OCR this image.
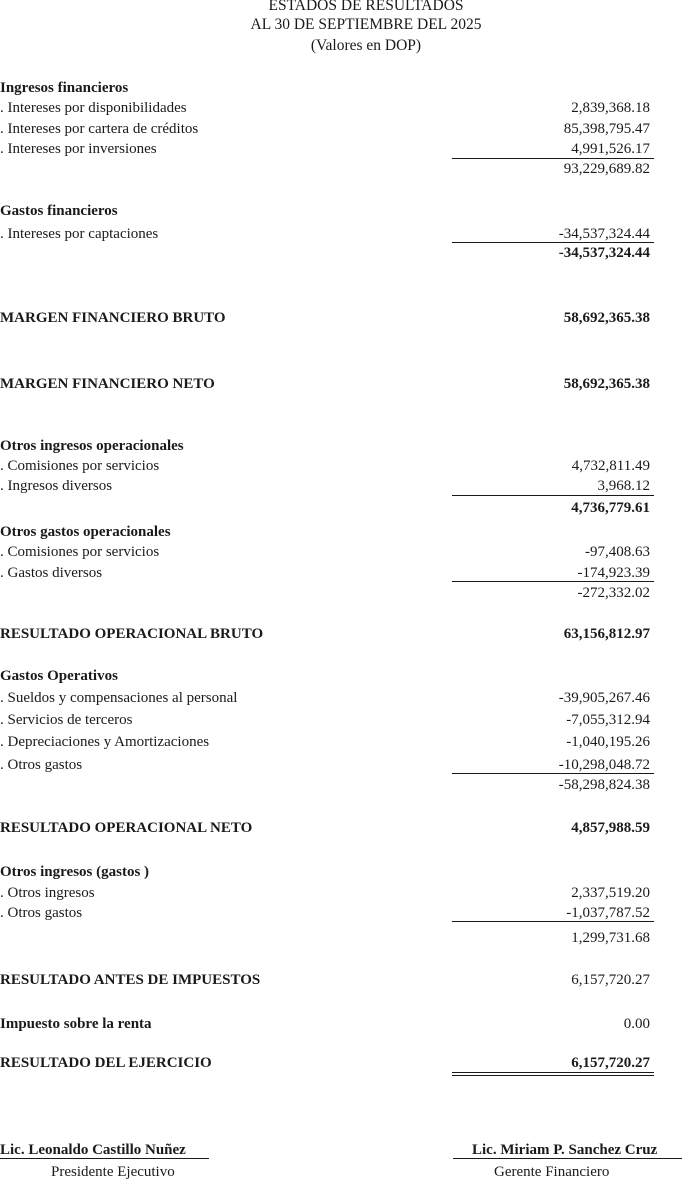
ESTADOS DE RESULTADOS
AL 30 DE SEPTIEMBRE DEL 2025
(Valores en DOP)
Ingresos financieros
. Intereses por disponibilidades	2,839,368.18
. Intereses por cartera de créditos	85,398,795.47
. Intereses por inversiones	4,991,526.17
93,229,689.82
Gastos financieros
. Intereses por captaciones	-34,537,324.44
-34,537,324.44
MARGEN FINANCIERO BRUTO	58,692,365.38
MARGEN FINANCIERO NETO	58,692,365.38
Otros ingresos operacionales
. Comisiones por servicios	4,732,811.49
. Ingresos diversos	3,968.12
4,736,779.61
Otros gastos operacionales
. Comisiones por servicios	-97,408.63
. Gastos diversos	-174,923.39
-272,332.02
RESULTADO OPERACIONAL BRUTO	63,156,812.97
Gastos Operativos
. Sueldos y compensaciones al personal	-39,905,267.46
. Servicios de terceros	-7,055,312.94
. Depreciaciones y Amortizaciones	-1,040,195.26
. Otros gastos	-10,298,048.72
-58,298,824.38
RESULTADO OPERACIONAL NETO	4,857,988.59
Otros ingresos (gastos )
. Otros ingresos	2,337,519.20
. Otros gastos	-1,037,787.52
1,299,731.68
RESULTADO ANTES DE IMPUESTOS	6,157,720.27
Impuesto sobre la renta	0.00
RESULTADO DEL EJERCICIO	6,157,720.27
Lic. Leonaldo Castillo Nuñez
Presidente Ejecutivo
Lic. Miriam P. Sanchez Cruz
Gerente Financiero
